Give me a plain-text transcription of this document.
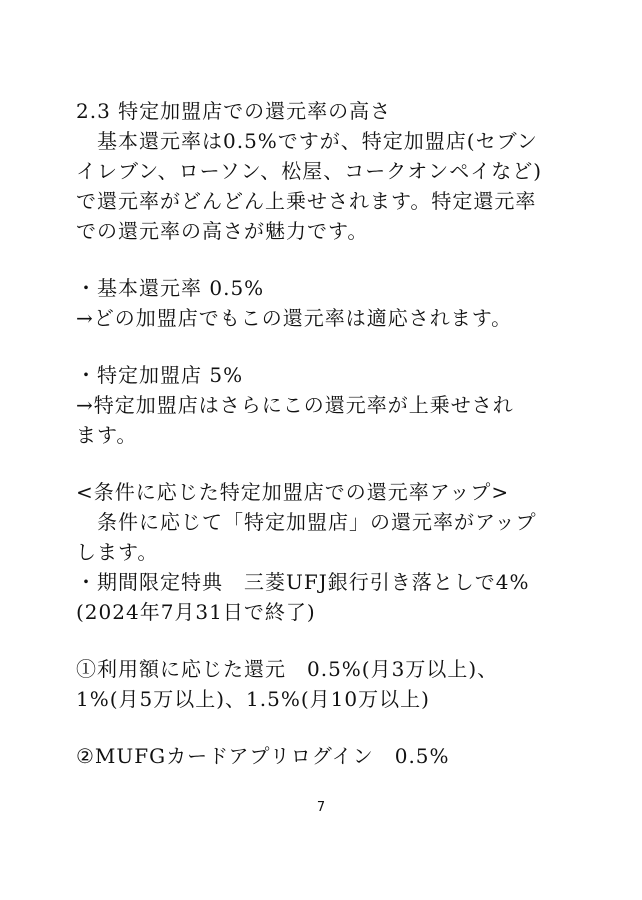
2.3 特定加盟店での還元率の高さ
　基本還元率は0.5%ですが、特定加盟店(セブン
イレブン、ローソン、松屋、コークオンペイなど)
で還元率がどんどん上乗せされます。特定還元率
での還元率の高さが魅力です。
・基本還元率 0.5%
→どの加盟店でもこの還元率は適応されます。
・特定加盟店 5%
→特定加盟店はさらにこの還元率が上乗せされ
ます。
<条件に応じた特定加盟店での還元率アップ>
　条件に応じて「特定加盟店」の還元率がアップ
します。
・期間限定特典　三菱UFJ銀行引き落としで4%
(2024年7月31日で終了)
①利用額に応じた還元　0.5%(月3万以上)、
1%(月5万以上)、1.5%(月10万以上)
②MUFGカードアプリログイン　0.5%
7
